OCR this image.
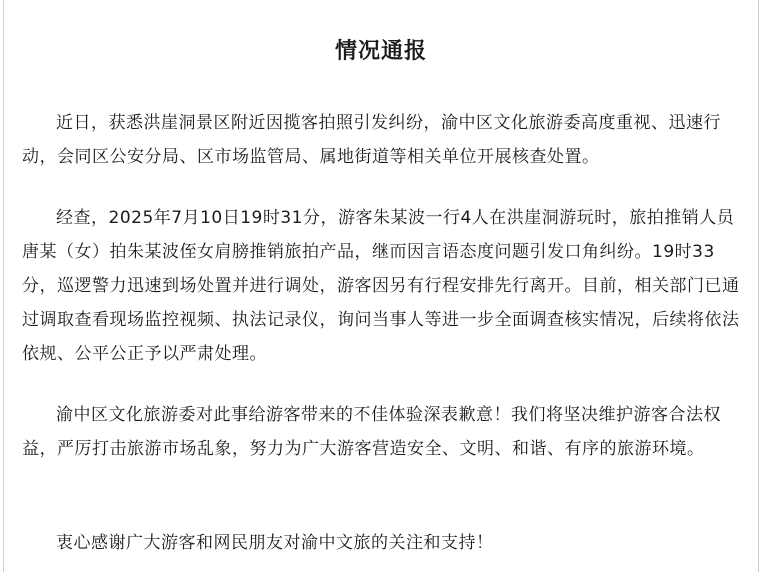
情况通报

近日，获悉洪崖洞景区附近因揽客拍照引发纠纷，渝中区文化旅游委高度重视、迅速行动，会同区公安分局、区市场监管局、属地街道等相关单位开展核查处置。

经查，2025年7月10日19时31分，游客朱某波一行4人在洪崖洞游玩时，旅拍推销人员唐某（女）拍朱某波侄女肩膀推销旅拍产品，继而因言语态度问题引发口角纠纷。19时33分，巡逻警力迅速到场处置并进行调处，游客因另有行程安排先行离开。目前，相关部门已通过调取查看现场监控视频、执法记录仪，询问当事人等进一步全面调查核实情况，后续将依法依规、公平公正予以严肃处理。

渝中区文化旅游委对此事给游客带来的不佳体验深表歉意！我们将坚决维护游客合法权益，严厉打击旅游市场乱象，努力为广大游客营造安全、文明、和谐、有序的旅游环境。

衷心感谢广大游客和网民朋友对渝中文旅的关注和支持！
